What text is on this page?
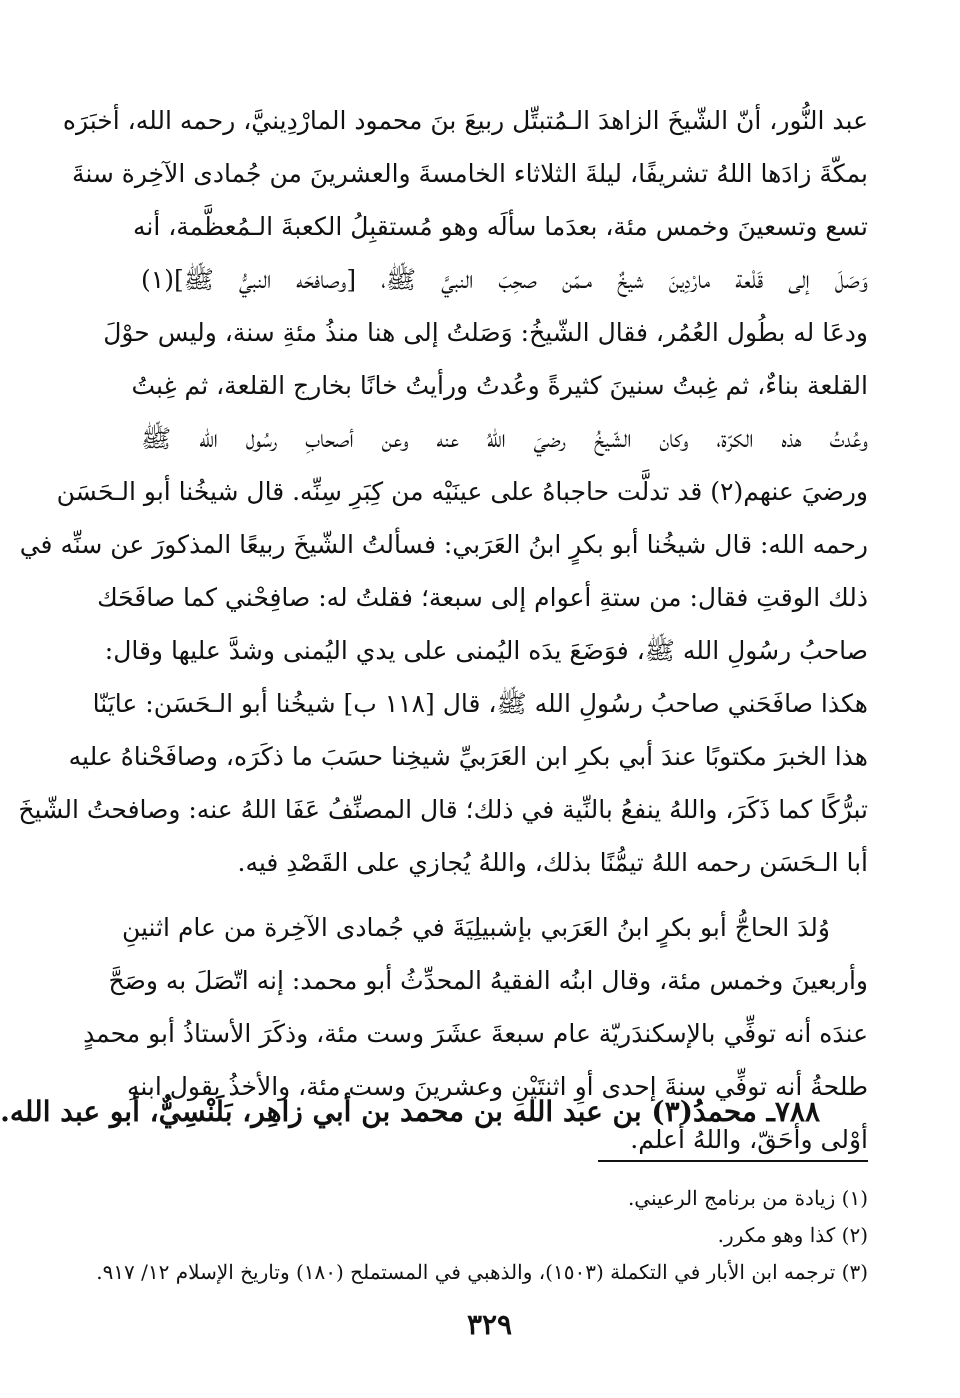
عبد النُّور، أنّ الشّيخَ الزاهدَ الـمُتبتِّل ربيعَ بنَ محمود المارْدِينيَّ، رحمه الله، أخبَرَه
بمكّةَ زادَها اللهُ تشريفًا، ليلةَ الثلاثاء الخامسةَ والعشرينَ من جُمادى الآخِرة سنةَ
تسع وتسعينَ وخمس مئة، بعدَما سألَه وهو مُستقبِلُ الكعبةَ الـمُعظَّمة، أنه
وَصَلَ إلى قَلْعة مارْدِينَ شيخٌ مـمّن صحِبَ النبيَّ ﷺ، [وصافحَه النبيُّ ﷺ](١)
ودعَا له بطُول العُمُر، فقال الشّيخُ: وَصَلتُ إلى هنا منذُ مئةِ سنة، وليس حوْلَ
القلعة بناءٌ، ثم غِبتُ سنينَ كثيرةً وعُدتُ ورأيتُ خانًا بخارج القلعة، ثم غِبتُ
وعُدتُ هذه الكرّة، وكان الشّيخُ رضيَ اللهُ عنه وعن أصحابِ رسُول الله ﷺ
ورضيَ عنهم(٢) قد تدلَّت حاجباهُ على عينَيْه من كِبَرِ سِنِّه. قال شيخُنا أبو الـحَسَن
رحمه الله: قال شيخُنا أبو بكرٍ ابنُ العَرَبي: فسألتُ الشّيخَ ربيعًا المذكورَ عن سنِّه في
ذلك الوقتِ فقال: من ستةِ أعوام إلى سبعة؛ فقلتُ له: صافِحْني كما صافَحَك
صاحبُ رسُولِ الله ﷺ، فوَضَعَ يدَه اليُمنى على يدي اليُمنى وشدَّ عليها وقال:
هكذا صافَحَني صاحبُ رسُولِ الله ﷺ، قال [١١٨ ب] شيخُنا أبو الـحَسَن: عايَنّا
هذا الخبرَ مكتوبًا عندَ أبي بكرِ ابن العَرَبيِّ شيخِنا حسَبَ ما ذكَرَه، وصافَحْناهُ عليه
تبرُّكًا كما ذَكَرَ، واللهُ ينفعُ بالنِّية في ذلك؛ قال المصنِّفُ عَفَا اللهُ عنه: وصافحتُ الشّيخَ
أبا الـحَسَن رحمه اللهُ تيمُّنًا بذلك، واللهُ يُجازي على القَصْدِ فيه.
وُلدَ الحاجُّ أبو بكرٍ ابنُ العَرَبي بإشبيلِيَةَ في جُمادى الآخِرة من عام اثنينِ
وأربعينَ وخمس مئة، وقال ابنُه الفقيهُ المحدِّثُ أبو محمد: إنه اتّصَلَ به وصَحَّ
عندَه أنه توفِّي بالإسكندَريّة عام سبعةَ عشَرَ وست مئة، وذكَرَ الأستاذُ أبو محمدٍ
طلحةُ أنه توفِّي سنةَ إحدى أوِ اثنتَيْنِ وعشرينَ وست مئة، والأخذُ بقول ابنهِ
أوْلى وأحَقّ، واللهُ أعلم.
٧٨٨ـ محمدُ(٣) بن عبد الله بن محمد بن أبي زاهِر، بَلَنْسِيٌّ، أبو عبد الله.
(١) زيادة من برنامج الرعيني.
(٢) كذا وهو مكرر.
(٣) ترجمه ابن الأبار في التكملة (١٥٠٣)، والذهبي في المستملح (١٨٠) وتاريخ الإسلام ١٢/ ٩١٧.
٣٢٩
